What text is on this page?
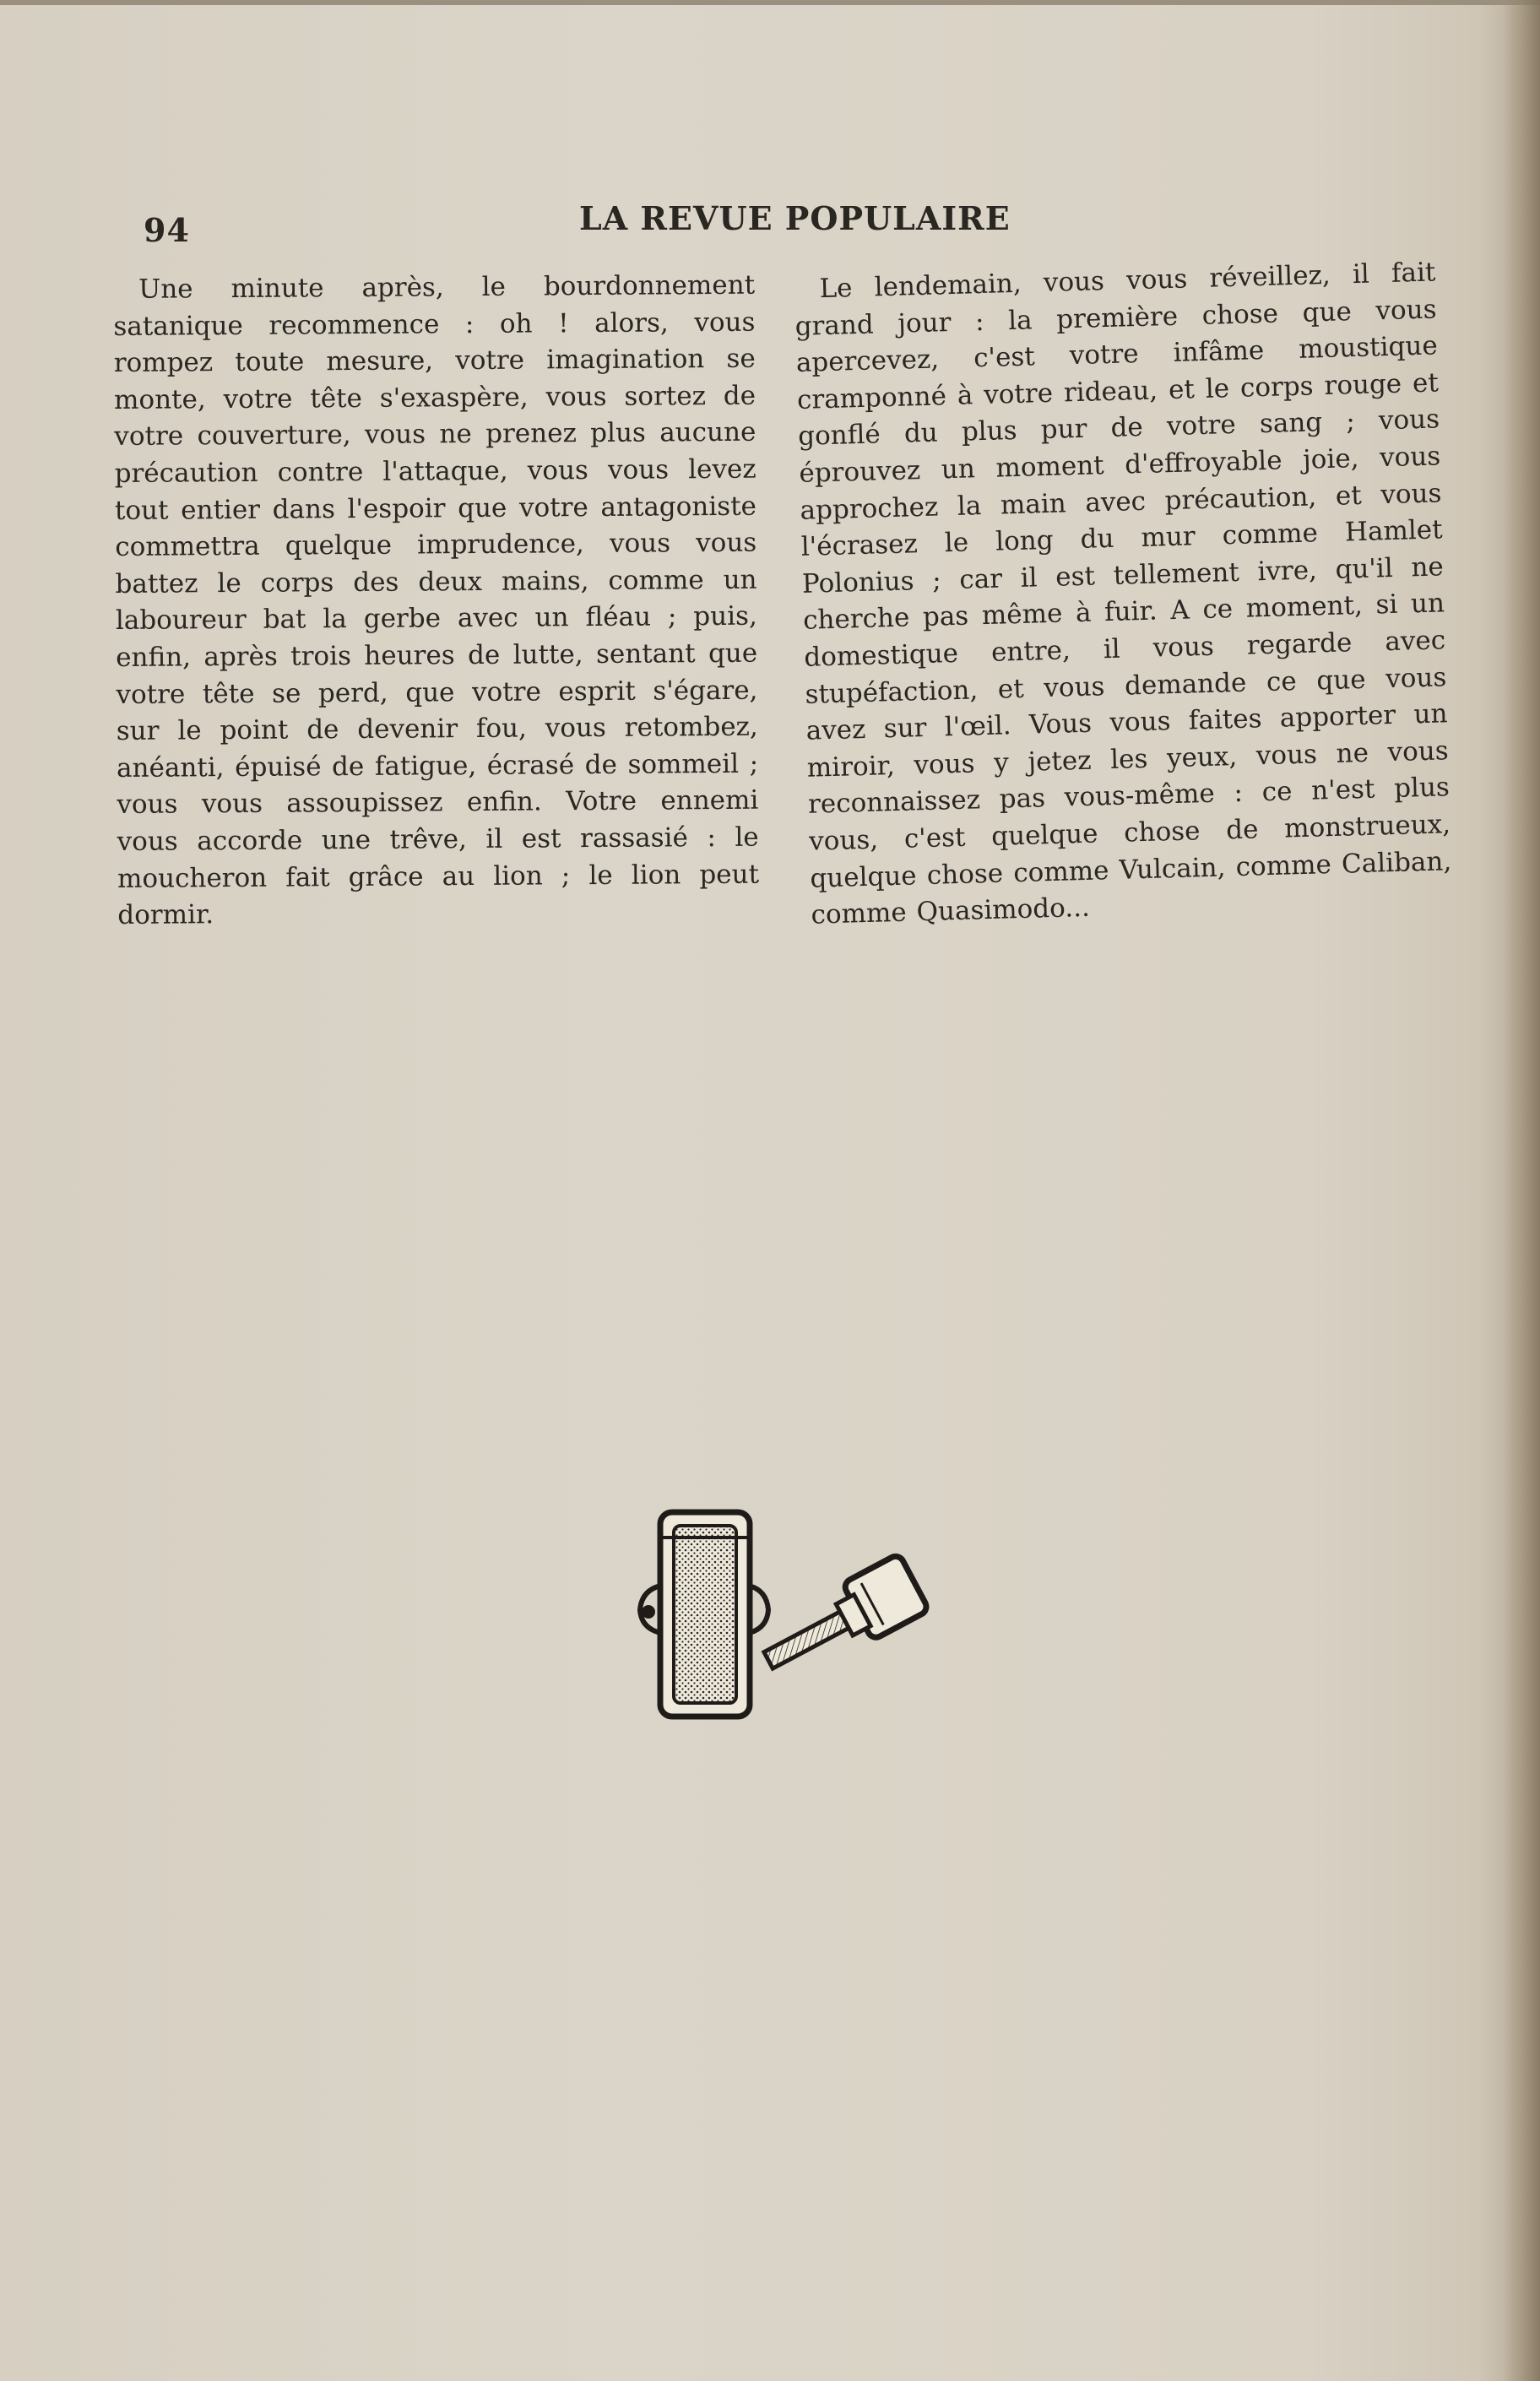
94	LA REVUE POPULAIRE

Une minute après, le bourdonnement satanique recommence : oh ! alors, vous rompez toute mesure, votre imagination se monte, votre tête s'exaspère, vous sortez de votre couverture, vous ne prenez plus aucune précaution contre l'attaque, vous vous levez tout entier dans l'espoir que votre antagoniste commettra quelque imprudence, vous vous battez le corps des deux mains, comme un laboureur bat la gerbe avec un fléau ; puis, enfin, après trois heures de lutte, sentant que votre tête se perd, que votre esprit s'égare, sur le point de devenir fou, vous retombez, anéanti, épuisé de fatigue, écrasé de sommeil ; vous vous assoupissez enfin. Votre ennemi vous accorde une trêve, il est rassasié : le moucheron fait grâce au lion ; le lion peut dormir.

Le lendemain, vous vous réveillez, il fait grand jour : la première chose que vous apercevez, c'est votre infâme moustique cramponné à votre rideau, et le corps rouge et gonflé du plus pur de votre sang ; vous éprouvez un moment d'effroyable joie, vous approchez la main avec précaution, et vous l'écrasez le long du mur comme Hamlet Polonius ; car il est tellement ivre, qu'il ne cherche pas même à fuir. A ce moment, si un domestique entre, il vous regarde avec stupéfaction, et vous demande ce que vous avez sur l'œil. Vous vous faites apporter un miroir, vous y jetez les yeux, vous ne vous reconnaissez pas vous-même : ce n'est plus vous, c'est quelque chose de monstrueux, quelque chose comme Vulcain, comme Caliban, comme Quasimodo...
